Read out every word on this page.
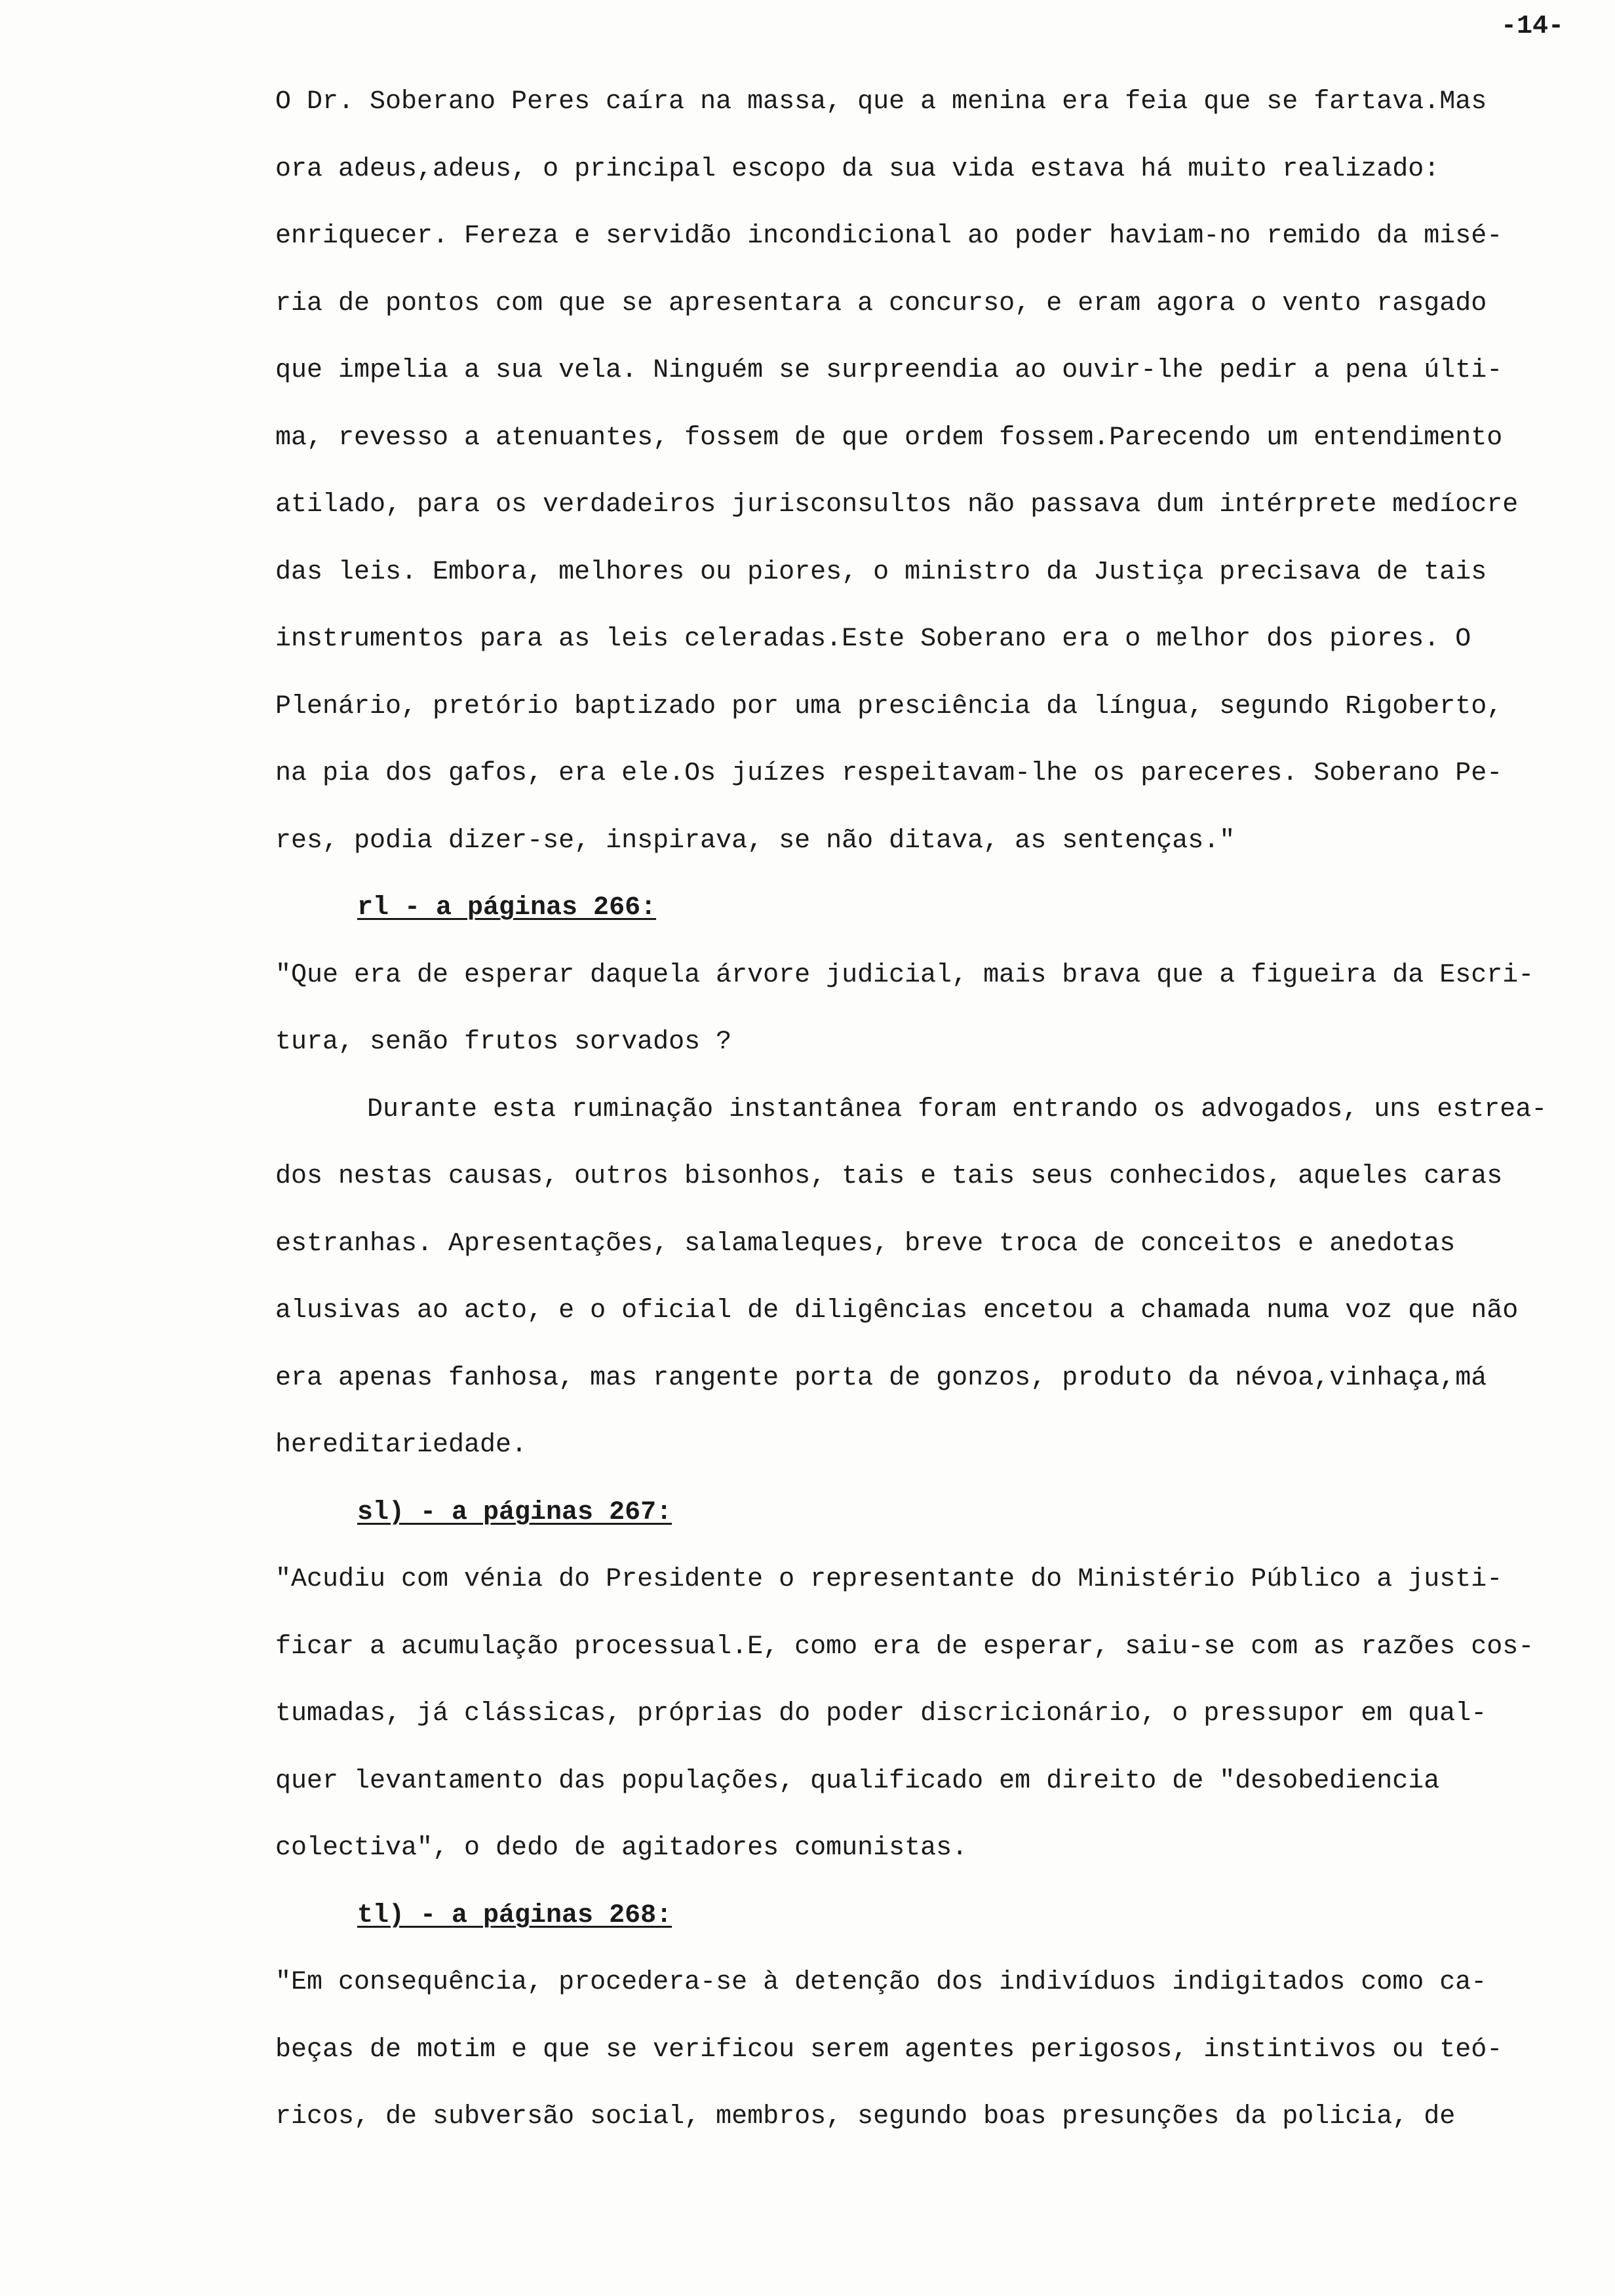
-14-
O Dr. Soberano Peres caíra na massa, que a menina era feia que se fartava.Mas
ora adeus,adeus, o principal escopo da sua vida estava há muito realizado:
enriquecer. Fereza e servidão incondicional ao poder haviam-no remido da misé-
ria de pontos com que se apresentara a concurso, e eram agora o vento rasgado
que impelia a sua vela. Ninguém se surpreendia ao ouvir-lhe pedir a pena últi-
ma, revesso a atenuantes, fossem de que ordem fossem.Parecendo um entendimento
atilado, para os verdadeiros jurisconsultos não passava dum intérprete medíocre
das leis. Embora, melhores ou piores, o ministro da Justiça precisava de tais
instrumentos para as leis celeradas.Este Soberano era o melhor dos piores. O
Plenário, pretório baptizado por uma presciência da língua, segundo Rigoberto,
na pia dos gafos, era ele.Os juízes respeitavam-lhe os pareceres. Soberano Pe-
res, podia dizer-se, inspirava, se não ditava, as sentenças."
rl - a páginas 266:
"Que era de esperar daquela árvore judicial, mais brava que a figueira da Escri-
tura, senão frutos sorvados ?
Durante esta ruminação instantânea foram entrando os advogados, uns estrea-
dos nestas causas, outros bisonhos, tais e tais seus conhecidos, aqueles caras
estranhas. Apresentações, salamaleques, breve troca de conceitos e anedotas
alusivas ao acto, e o oficial de diligências encetou a chamada numa voz que não
era apenas fanhosa, mas rangente porta de gonzos, produto da névoa,vinhaça,má
hereditariedade.
sl) - a páginas 267:
"Acudiu com vénia do Presidente o representante do Ministério Público a justi-
ficar a acumulação processual.E, como era de esperar, saiu-se com as razões cos-
tumadas, já clássicas, próprias do poder discricionário, o pressupor em qual-
quer levantamento das populações, qualificado em direito de "desobediencia
colectiva", o dedo de agitadores comunistas.
tl) - a páginas 268:
"Em consequência, procedera-se à detenção dos indivíduos indigitados como ca-
beças de motim e que se verificou serem agentes perigosos, instintivos ou teó-
ricos, de subversão social, membros, segundo boas presunções da policia, de
